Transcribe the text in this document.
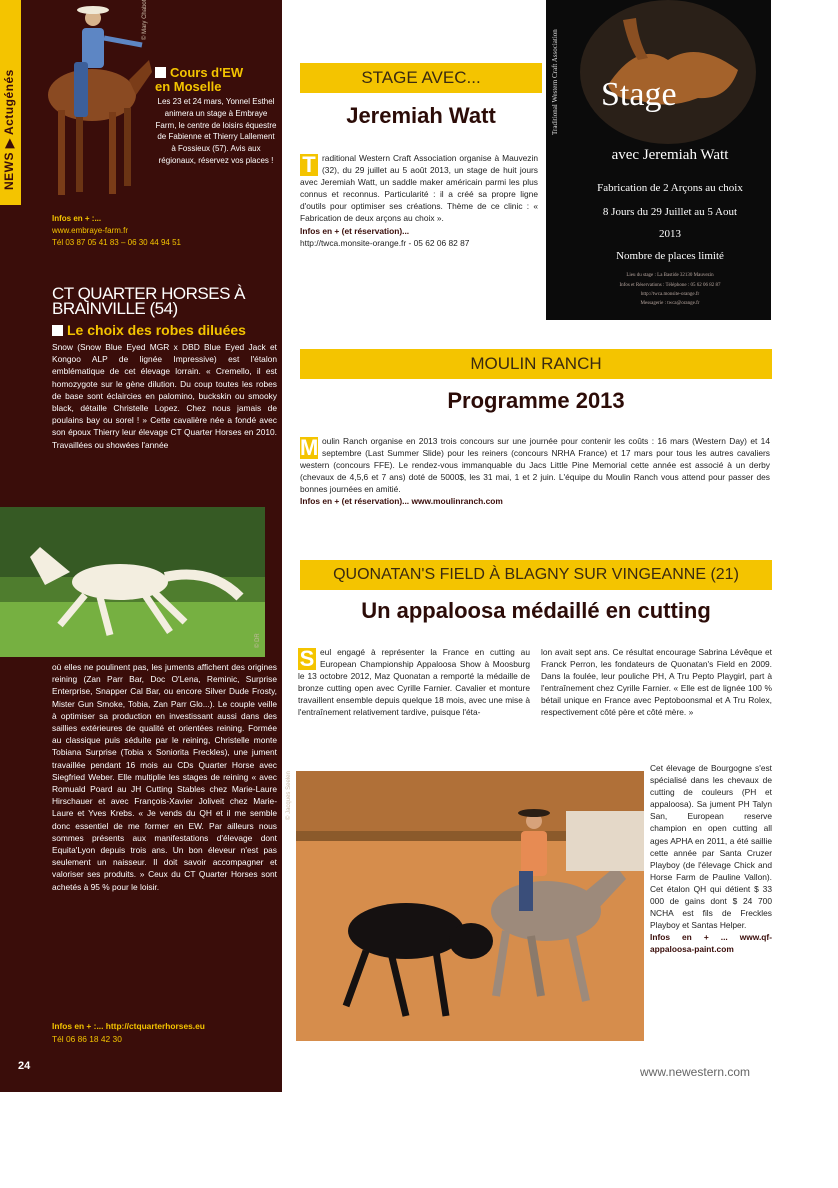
NEWS ▶ Actugénés
© Mary Chabot
Cours d'EW
en Moselle
Les 23 et 24 mars, Yonnel Esthel animera un stage à Embraye Farm, le centre de loisirs équestre de Fabienne et Thierry Lallement à Fossieux (57). Avis aux régionaux, réservez vos places !
Infos en + :...
www.embraye-farm.fr
Tél 03 87 05 41 83 – 06 30 44 94 51
CT QUARTER HORSES À BRAINVILLE (54)
Le choix des robes diluées
Snow (Snow Blue Eyed MGR x DBD Blue Eyed Jack et Kongoo ALP de lignée Impressive) est l'étalon emblématique de cet élevage lorrain. « Cremello, il est homozygote sur le gène dilution. Du coup toutes les robes de base sont éclaircies en palomino, buckskin ou smooky black, détaille Christelle Lopez. Chez nous jamais de poulains bay ou sorel ! » Cette cavalière née a fondé avec son époux Thierry leur élevage CT Quarter Horses en 2010. Travaillées ou showées l'année
© DR
où elles ne poulinent pas, les juments affichent des origines reining (Zan Parr Bar, Doc O'Lena, Reminic, Surprise Enterprise, Snapper Cal Bar, ou encore Silver Dude Frosty, Mister Gun Smoke, Tobia, Zan Parr Glo...). Le couple veille à optimiser sa production en investissant aussi dans des saillies extérieures de qualité et orientées reining. Formée au classique puis séduite par le reining, Christelle monte Tobiana Surprise (Tobia x Soniorita Freckles), une jument travaillée pendant 16 mois au CDs Quarter Horse avec Siegfried Weber. Elle multiplie les stages de reining « avec Romuald Poard au JH Cutting Stables chez Marie-Laure Hirschauer et avec François-Xavier Joliveit chez Marie-Laure et Yves Krebs. « Je vends du QH et il me semble donc essentiel de me former en EW. Par ailleurs nous sommes présents aux manifestations d'élevage dont Equita'Lyon depuis trois ans. Un bon éleveur n'est pas seulement un naisseur. Il doit savoir accompagner et valoriser ses produits. » Ceux du CT Quarter Horses sont achetés à 95 % pour le loisir.
Infos en + :... http://ctquarterhorses.eu
Tél 06 86 18 42 30
24
STAGE AVEC...
Jeremiah Watt
T raditional Western Craft Association organise à Mauvezin (32), du 29 juillet au 5 août 2013, un stage de huit jours avec Jeremiah Watt, un saddle maker américain parmi les plus connus et reconnus. Particularité : il a créé sa propre ligne d'outils pour optimiser ses créations. Thème de ce clinic : « Fabrication de deux arçons au choix ».
Infos en + (et réservation)...
http://twca.monsite-orange.fr - 05 62 06 82 87
Traditional Western Craft Association Stage
avec Jeremiah Watt
Fabrication de 2 Arçons au choix
8 Jours du 29 Juillet au 5 Aout
2013
Nombre de places limité
Lieu du stage : La Bastide 32130 Mauvezin
Infos et Réservations : Téléphone : 05 62 06 82 87
http://twca.monsite-orange.fr
Messagerie : twca@orange.fr
MOULIN RANCH
Programme 2013
M oulin Ranch organise en 2013 trois concours sur une journée pour contenir les coûts : 16 mars (Western Day) et 14 septembre (Last Summer Slide) pour les reiners (concours NRHA France) et 17 mars pour tous les autres cavaliers western (concours FFE). Le rendez-vous immanquable du Jacs Little Pine Memorial cette année est associé à un derby (chevaux de 4,5,6 et 7 ans) doté de 5000$, les 31 mai, 1 et 2 juin. L'équipe du Moulin Ranch vous attend pour passer des bonnes journées en amitié.
Infos en + (et réservation)... www.moulinranch.com
QUONATAN'S FIELD À BLAGNY SUR VINGEANNE (21)
Un appaloosa médaillé en cutting
S eul engagé à représenter la France en cutting au European Championship Appaloosa Show à Moosburg le 13 octobre 2012, Maz Quonatan a remporté la médaille de bronze cutting open avec Cyrille Farnier. Cavalier et monture travaillent ensemble depuis quelque 18 mois, avec une mise à l'entraînement relativement tardive, puisque l'éta-
lon avait sept ans. Ce résultat encourage Sabrina Lévêque et Franck Perron, les fondateurs de Quonatan's Field en 2009. Dans la foulée, leur pouliche PH, A Tru Pepto Playgirl, part à l'entraînement chez Cyrille Farnier. « Elle est de lignée 100 % bétail unique en France avec Peptoboonsmal et A Tru Rolex, respectivement côté père et côté mère. »
© Jacques Seelen
Cet élevage de Bourgogne s'est spécialisé dans les chevaux de cutting de couleurs (PH et appaloosa). Sa jument PH Talyn San, European reserve champion en open cutting all ages APHA en 2011, a été saillie cette année par Santa Cruzer Playboy (de l'élevage Chick and Horse Farm de Pauline Vallon). Cet étalon QH qui détient $ 33 000 de gains dont $ 24 700 NCHA est fils de Freckles Playboy et Santas Helper.
Infos en + ... www.qf-appaloosa-paint.com
www.newestern.com
